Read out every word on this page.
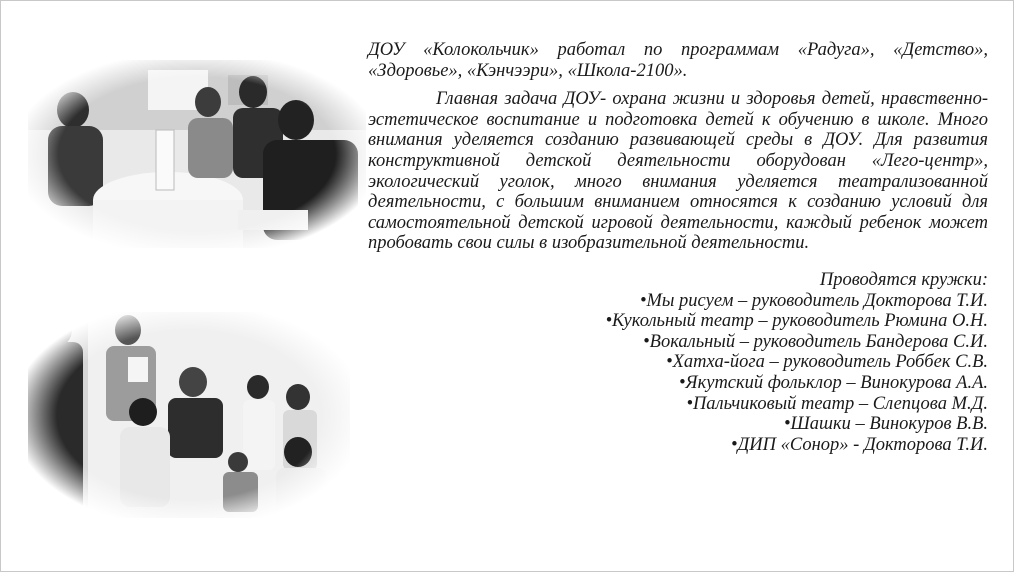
ДОУ «Колокольчик» работал по программам «Радуга», «Детство», «Здоровье», «Кэнчээри», «Школа-2100».

Главная задача ДОУ- охрана жизни и здоровья детей, нравственно-эстетическое воспитание и подготовка детей к обучению в школе. Много внимания уделяется созданию развивающей среды в ДОУ. Для развития конструктивной детской деятельности оборудован «Лего-центр», экологический уголок, много внимания уделяется театрализованной деятельности, с большим вниманием относятся к созданию условий для самостоятельной детской игровой деятельности, каждый ребенок может пробовать свои силы в изобразительной деятельности.

Проводятся кружки:
•Мы рисуем – руководитель Докторова Т.И.
•Кукольный театр – руководитель Рюмина О.Н.
•Вокальный – руководитель Бандерова С.И.
•Хатха-йога – руководитель Роббек С.В.
•Якутский фольклор – Винокурова А.А.
•Пальчиковый театр – Слепцова М.Д.
•Шашки – Винокуров В.В.
•ДИП «Сонор» - Докторова Т.И.
